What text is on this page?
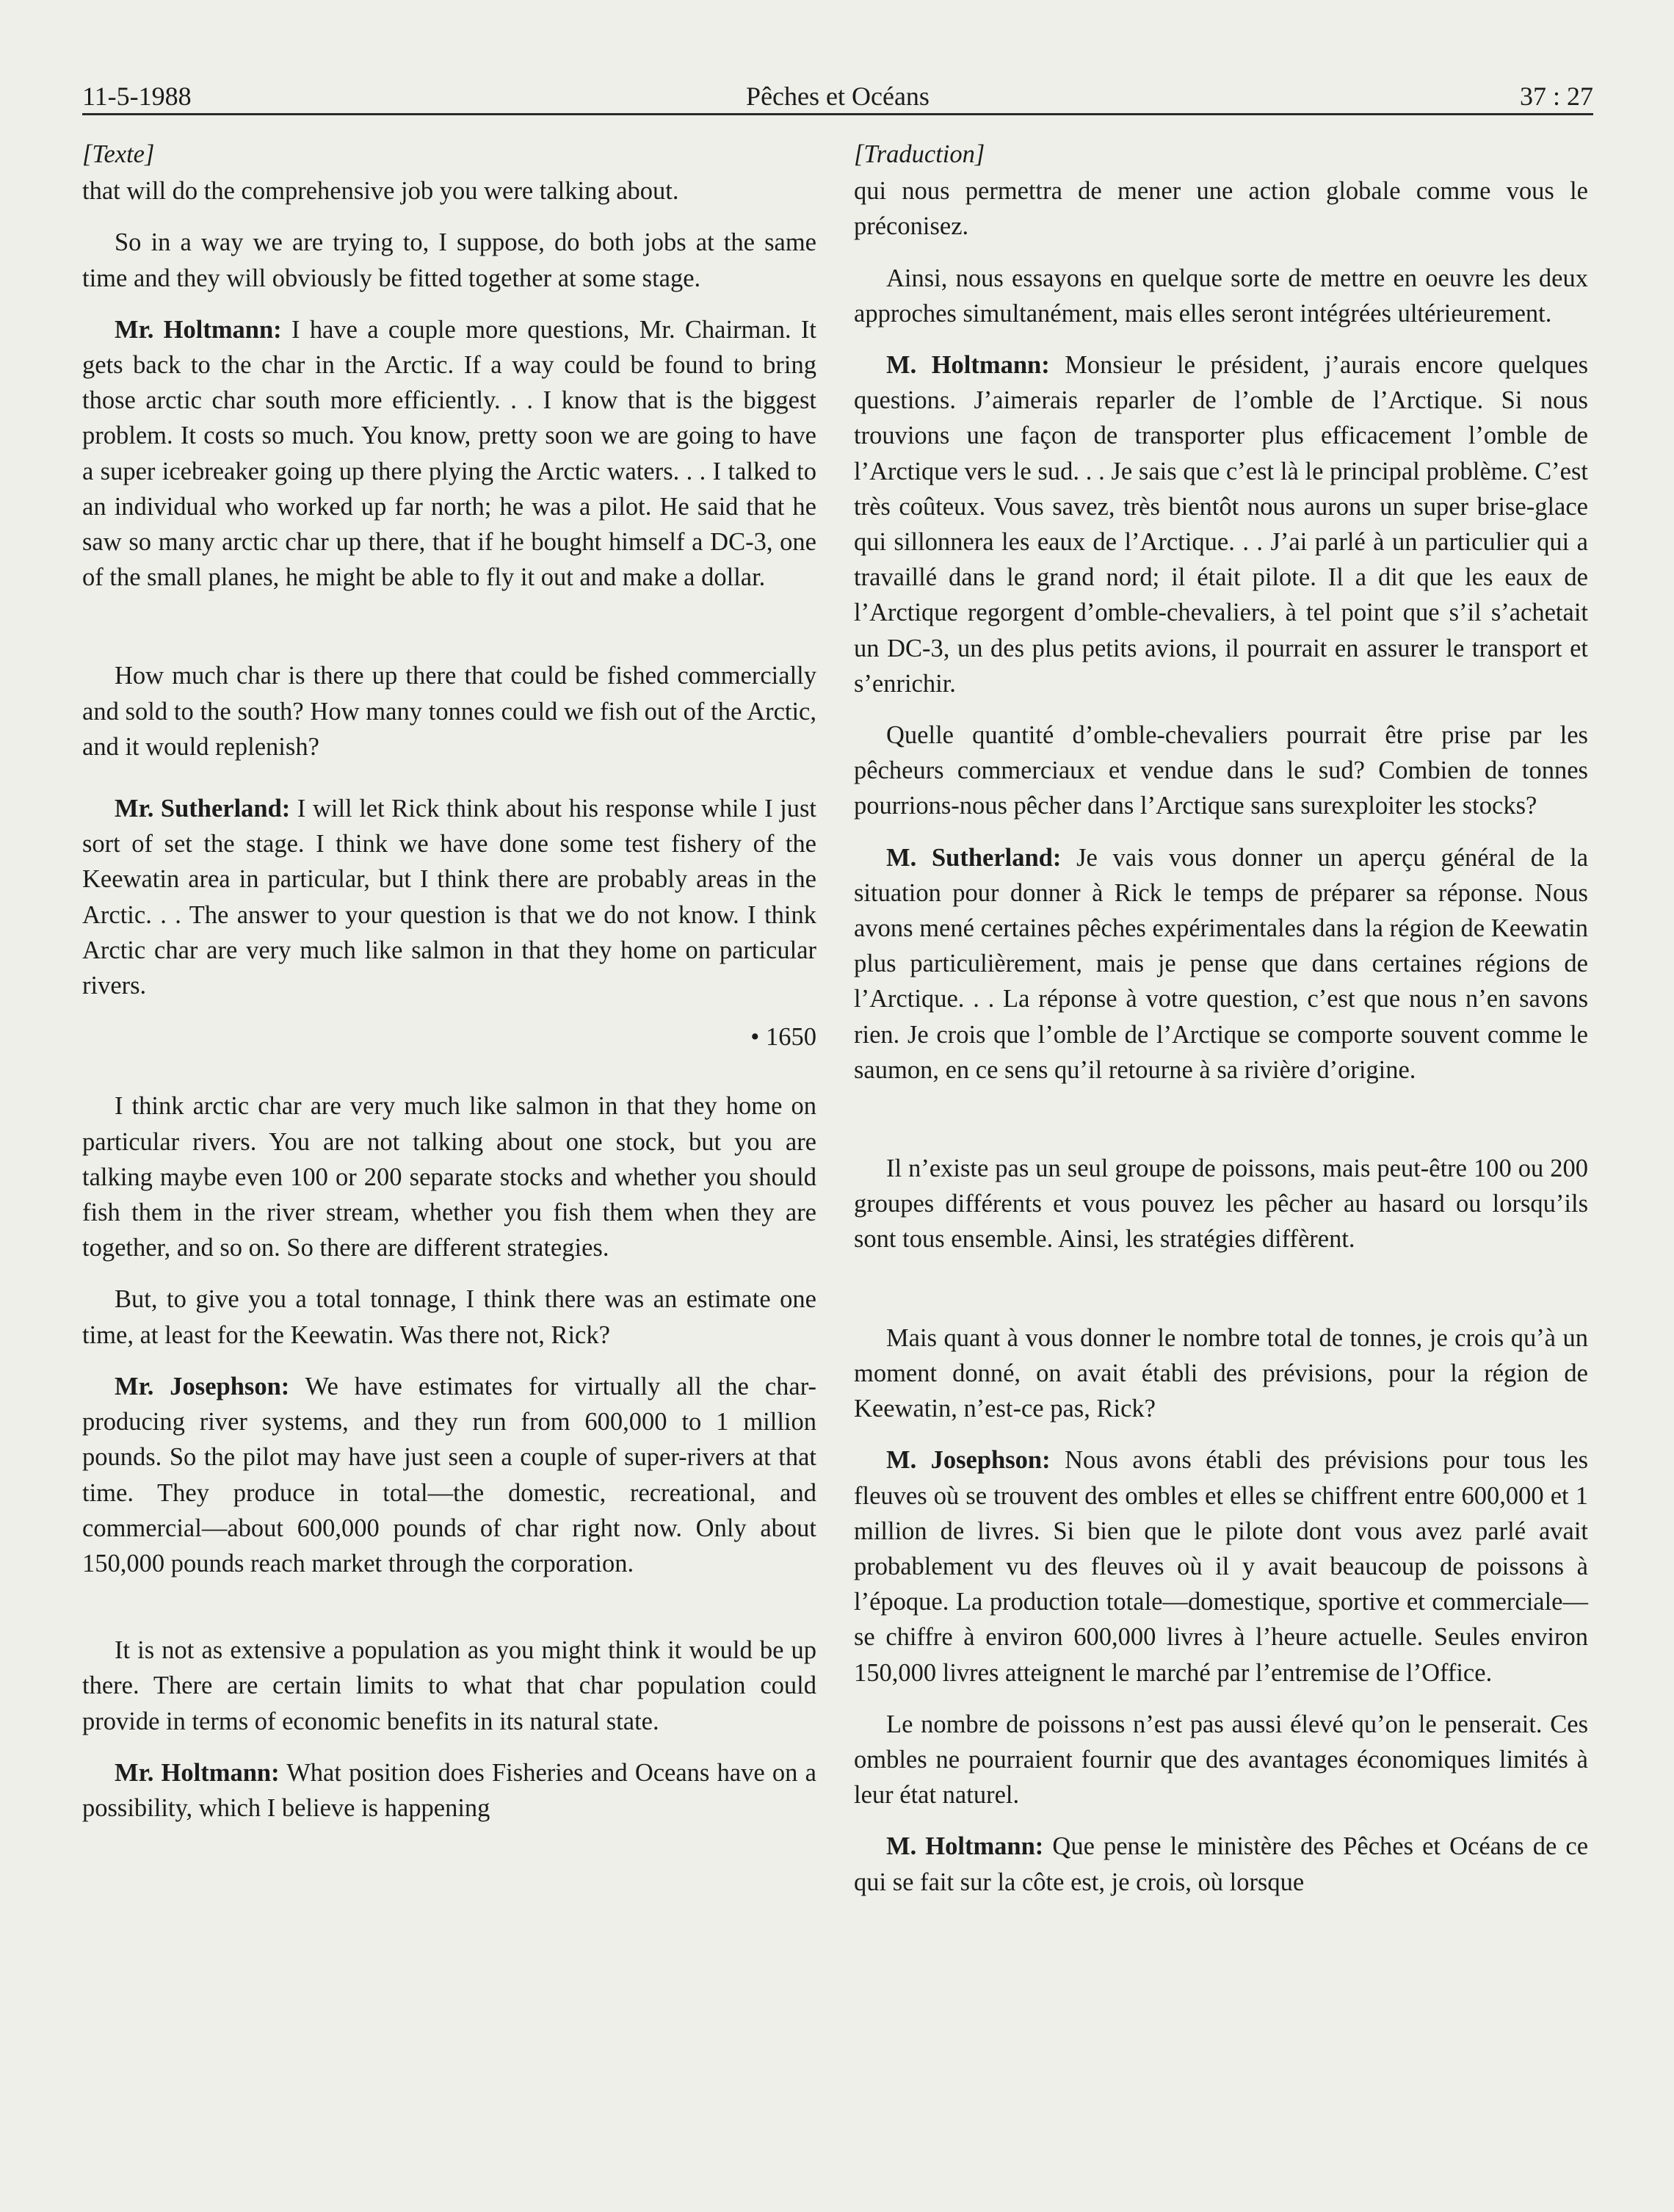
11-5-1988	Pêches et Océans	37 : 27
[Texte]

that will do the comprehensive job you were talking about.

So in a way we are trying to, I suppose, do both jobs at the same time and they will obviously be fitted together at some stage.

Mr. Holtmann: I have a couple more questions, Mr. Chairman. It gets back to the char in the Arctic. If a way could be found to bring those arctic char south more efficiently. . . I know that is the biggest problem. It costs so much. You know, pretty soon we are going to have a super icebreaker going up there plying the Arctic waters. . . I talked to an individual who worked up far north; he was a pilot. He said that he saw so many arctic char up there, that if he bought himself a DC-3, one of the small planes, he might be able to fly it out and make a dollar.

How much char is there up there that could be fished commercially and sold to the south? How many tonnes could we fish out of the Arctic, and it would replenish?

Mr. Sutherland: I will let Rick think about his response while I just sort of set the stage. I think we have done some test fishery of the Keewatin area in particular, but I think there are probably areas in the Arctic. . . The answer to your question is that we do not know. I think Arctic char are very much like salmon in that they home on particular rivers.

• 1650

I think arctic char are very much like salmon in that they home on particular rivers. You are not talking about one stock, but you are talking maybe even 100 or 200 separate stocks and whether you should fish them in the river stream, whether you fish them when they are together, and so on. So there are different strategies.

But, to give you a total tonnage, I think there was an estimate one time, at least for the Keewatin. Was there not, Rick?

Mr. Josephson: We have estimates for virtually all the char-producing river systems, and they run from 600,000 to 1 million pounds. So the pilot may have just seen a couple of super-rivers at that time. They produce in total—the domestic, recreational, and commercial—about 600,000 pounds of char right now. Only about 150,000 pounds reach market through the corporation.

It is not as extensive a population as you might think it would be up there. There are certain limits to what that char population could provide in terms of economic benefits in its natural state.

Mr. Holtmann: What position does Fisheries and Oceans have on a possibility, which I believe is happening

[Traduction]

qui nous permettra de mener une action globale comme vous le préconisez.

Ainsi, nous essayons en quelque sorte de mettre en oeuvre les deux approches simultanément, mais elles seront intégrées ultérieurement.

M. Holtmann: Monsieur le président, j’aurais encore quelques questions. J’aimerais reparler de l’omble de l’Arctique. Si nous trouvions une façon de transporter plus efficacement l’omble de l’Arctique vers le sud. . . Je sais que c’est là le principal problème. C’est très coûteux. Vous savez, très bientôt nous aurons un super brise-glace qui sillonnera les eaux de l’Arctique. . . J’ai parlé à un particulier qui a travaillé dans le grand nord; il était pilote. Il a dit que les eaux de l’Arctique regorgent d’omble-chevaliers, à tel point que s’il s’achetait un DC-3, un des plus petits avions, il pourrait en assurer le transport et s’enrichir.

Quelle quantité d’omble-chevaliers pourrait être prise par les pêcheurs commerciaux et vendue dans le sud? Combien de tonnes pourrions-nous pêcher dans l’Arctique sans surexploiter les stocks?

M. Sutherland: Je vais vous donner un aperçu général de la situation pour donner à Rick le temps de préparer sa réponse. Nous avons mené certaines pêches expérimentales dans la région de Keewatin plus particulièrement, mais je pense que dans certaines régions de l’Arctique. . . La réponse à votre question, c’est que nous n’en savons rien. Je crois que l’omble de l’Arctique se comporte souvent comme le saumon, en ce sens qu’il retourne à sa rivière d’origine.

Il n’existe pas un seul groupe de poissons, mais peut-être 100 ou 200 groupes différents et vous pouvez les pêcher au hasard ou lorsqu’ils sont tous ensemble. Ainsi, les stratégies diffèrent.

Mais quant à vous donner le nombre total de tonnes, je crois qu’à un moment donné, on avait établi des prévisions, pour la région de Keewatin, n’est-ce pas, Rick?

M. Josephson: Nous avons établi des prévisions pour tous les fleuves où se trouvent des ombles et elles se chiffrent entre 600,000 et 1 million de livres. Si bien que le pilote dont vous avez parlé avait probablement vu des fleuves où il y avait beaucoup de poissons à l’époque. La production totale—domestique, sportive et commerciale—se chiffre à environ 600,000 livres à l’heure actuelle. Seules environ 150,000 livres atteignent le marché par l’entremise de l’Office.

Le nombre de poissons n’est pas aussi élevé qu’on le penserait. Ces ombles ne pourraient fournir que des avantages économiques limités à leur état naturel.

M. Holtmann: Que pense le ministère des Pêches et Océans de ce qui se fait sur la côte est, je crois, où lorsque
